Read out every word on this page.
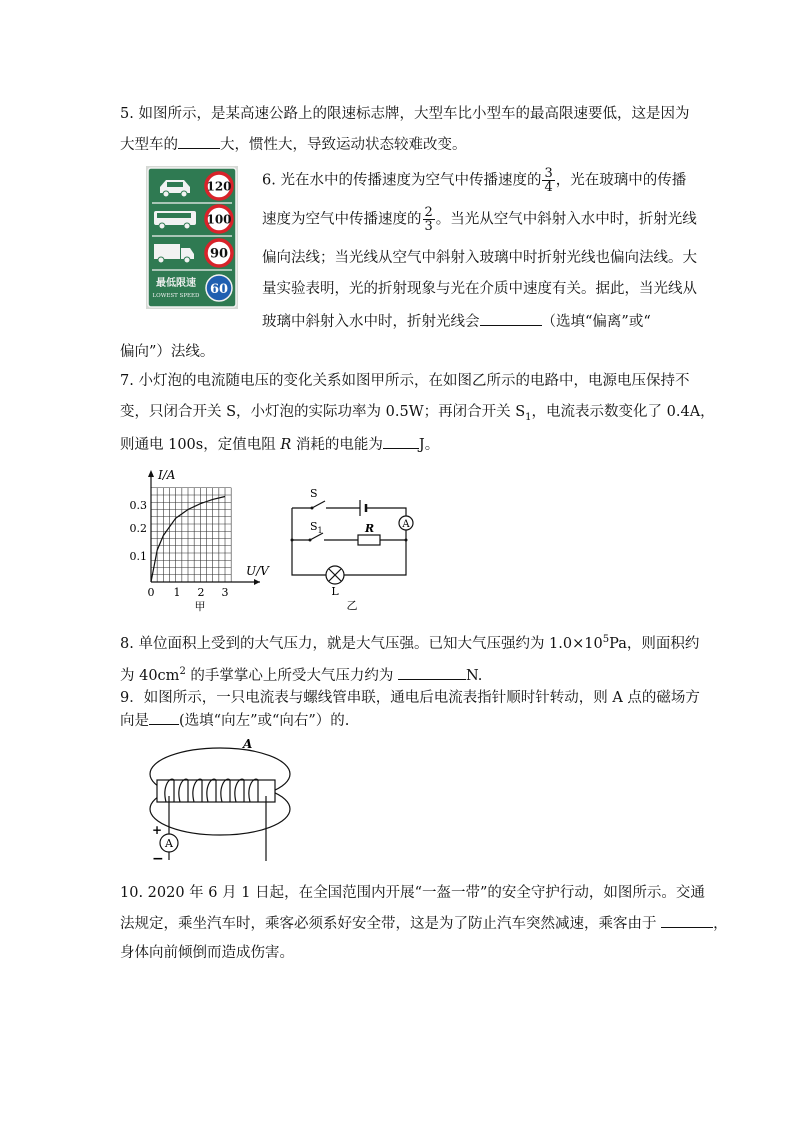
5. 如图所示，是某高速公路上的限速标志牌，大型车比小型车的最高限速要低，这是因为
大型车的	大，惯性大，导致运动状态较难改变。
120
100
90
最低限速
LOWEST SPEED 60
6. 光在水中的传播速度为空气中传播速度的 $\frac{3}{4}$ ，光在玻璃中的传播
速度为空气中传播速度的 $\frac{2}{3}$ 。当光从空气中斜射入水中时，折射光线
偏向法线；当光线从空气中斜射入玻璃中时折射光线也偏向法线。大
量实验表明，光的折射现象与光在介质中速度有关。据此，当光线从
玻璃中斜射入水中时，折射光线会	（选填“偏离”或“
偏向”）法线。
7. 小灯泡的电流随电压的变化关系如图甲所示，在如图乙所示的电路中，电源电压保持不
变，只闭合开关 S，小灯泡的实际功率为 0.5W；再闭合开关 $S_1$，电流表示数变化了 0.4A，
则通电 100s，定值电阻 R 消耗的电能为 J。
I/A
U/V
0.3
0.2
0.1
0 1 2 3
甲
S
$S_1$	R	A
L
乙
8. 单位面积上受到的大气压力，就是大气压强。已知大气压强约为 $1.0\times 10^5Pa$，则面积约
为 $40cm^2$ 的手掌掌心上所受大气压力约为	N.
9．如图所示，一只电流表与螺线管串联，通电后电流表指针顺时针转动，则 A 点的磁场方
向是 (选填“向左”或“向右”）的.
A
A
+
−
10. 2020 年 6 月 1 日起，在全国范围内开展“一盔一带”的安全守护行动，如图所示。交通
法规定，乘坐汽车时，乘客必须系好安全带，这是为了防止汽车突然减速，乘客由于	，
身体向前倾倒而造成伤害。
